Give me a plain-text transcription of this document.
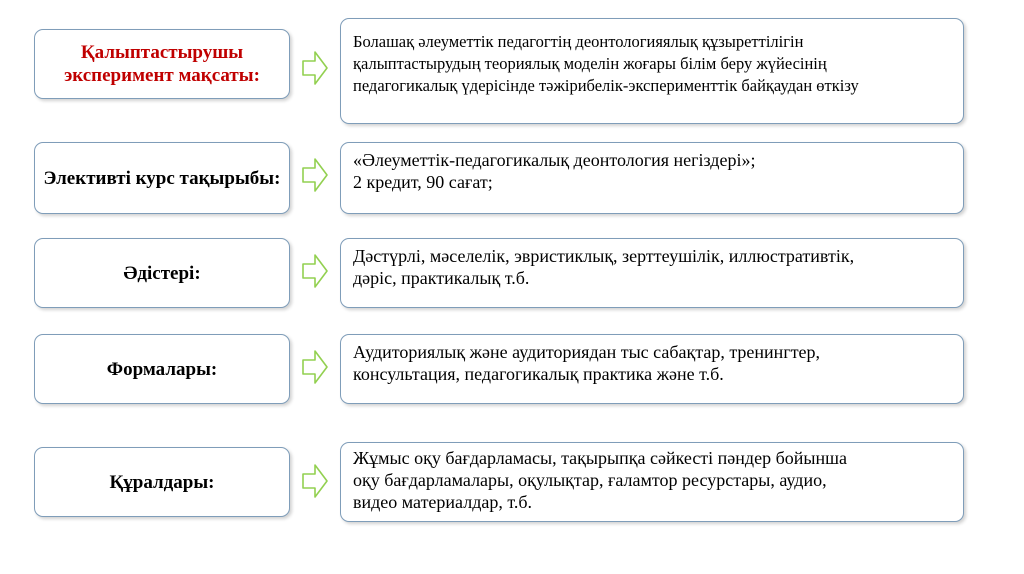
Қалыптастырушы эксперимент мақсаты:
Болашақ әлеуметтік педагогтің деонтологияялық құзыреттілігін
қалыптастырудың теориялық моделін жоғары білім беру жүйесінің
педагогикалық үдерісінде тәжірибелік-эксперименттік байқаудан өткізу
Элективті курс тақырыбы:
«Әлеуметтік-педагогикалық деонтология негіздері»;
2 кредит, 90 сағат;
Әдістері:
Дәстүрлі, мәселелік, эвристиклық, зерттеушілік, иллюстративтік,
дәріс, практикалық т.б.
Формалары:
Аудиториялық және аудиториядан тыс сабақтар, тренингтер,
консультация, педагогикалық практика және т.б.
Құралдары:
Жұмыс оқу бағдарламасы, тақырыпқа сәйкесті пәндер бойынша
оқу бағдарламалары, оқулықтар, ғаламтор ресурстары, аудио,
видео материалдар, т.б.
